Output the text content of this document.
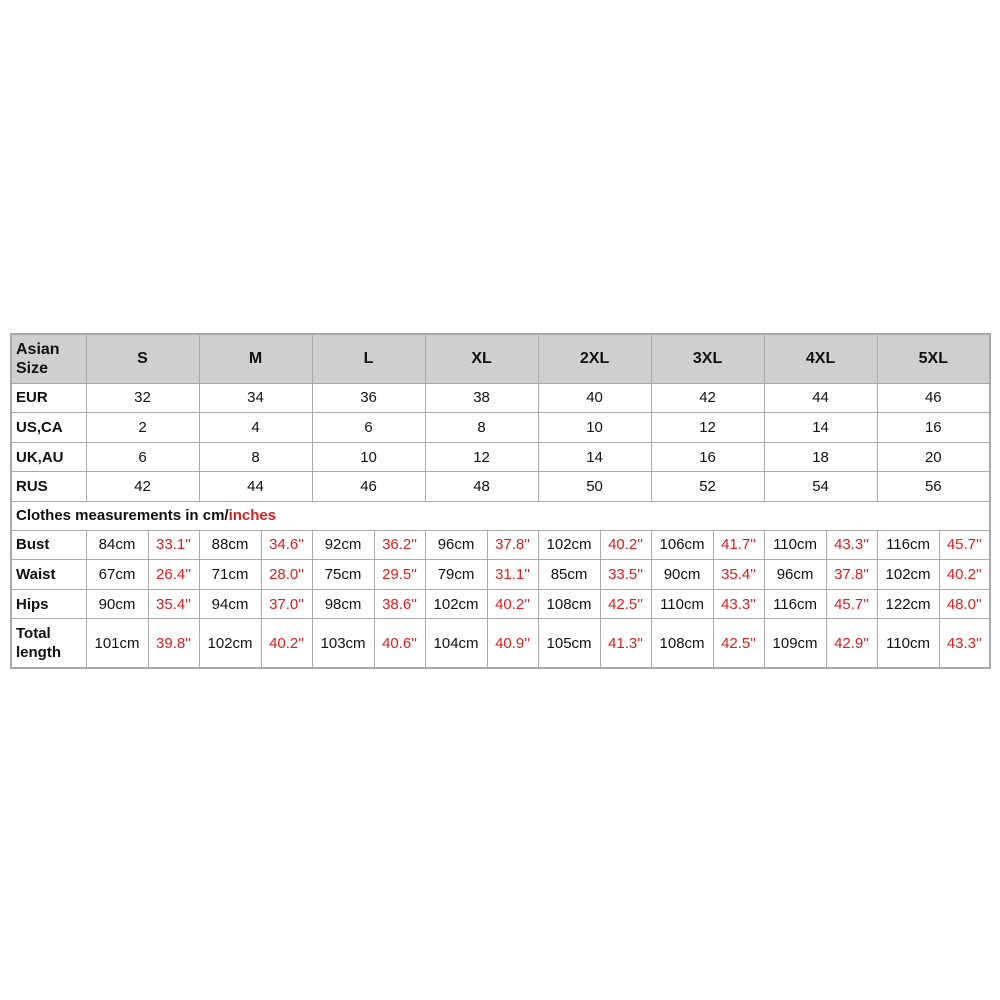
Asian Size	S		M		L		XL		2XL		3XL		4XL		5XL	
EUR	32		34		36		38		40		42		44		46	
US,CA	2		4		6		8		10		12		14		16	
UK,AU	6		8		10		12		14		16		18		20	
RUS	42		44		46		48		50		52		54		56	
Clothes measurements in cm/inches																
Bust	84cm	33.1''	88cm	34.6''	92cm	36.2''	96cm	37.8''	102cm	40.2''	106cm	41.7''	110cm	43.3''	116cm	45.7''
Waist	67cm	26.4''	71cm	28.0''	75cm	29.5''	79cm	31.1''	85cm	33.5''	90cm	35.4''	96cm	37.8''	102cm	40.2''
Hips	90cm	35.4''	94cm	37.0''	98cm	38.6''	102cm	40.2''	108cm	42.5''	110cm	43.3''	116cm	45.7''	122cm	48.0''
Total length	101cm	39.8''	102cm	40.2''	103cm	40.6''	104cm	40.9''	105cm	41.3''	108cm	42.5''	109cm	42.9''	110cm	43.3''
